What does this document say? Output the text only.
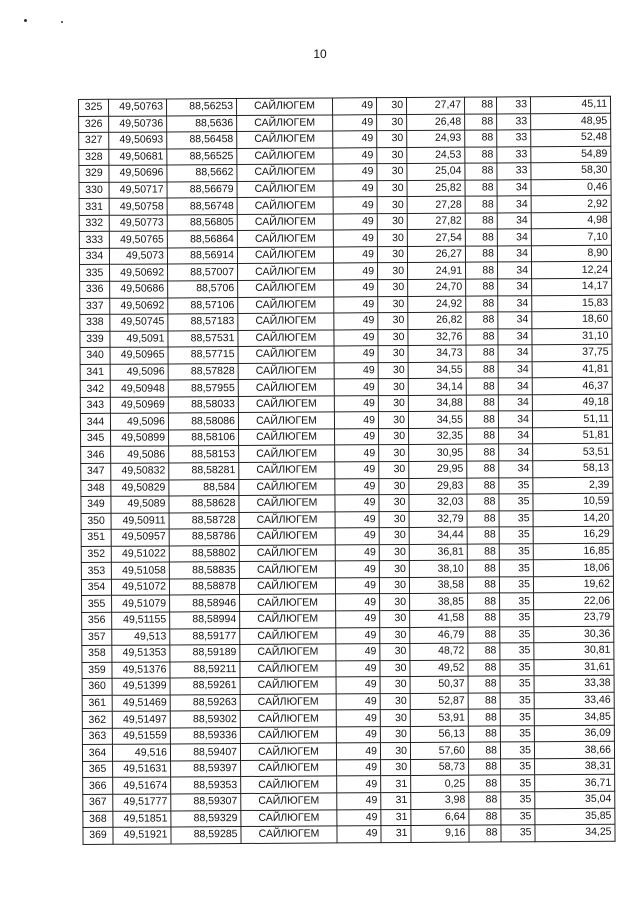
10
325	49,50763	88,56253	САЙЛЮГЕМ	49	30	27,47	88	33	45,11
326	49,50736	88,5636	САЙЛЮГЕМ	49	30	26,48	88	33	48,95
327	49,50693	88,56458	САЙЛЮГЕМ	49	30	24,93	88	33	52,48
328	49,50681	88,56525	САЙЛЮГЕМ	49	30	24,53	88	33	54,89
329	49,50696	88,5662	САЙЛЮГЕМ	49	30	25,04	88	33	58,30
330	49,50717	88,56679	САЙЛЮГЕМ	49	30	25,82	88	34	0,46
331	49,50758	88,56748	САЙЛЮГЕМ	49	30	27,28	88	34	2,92
332	49,50773	88,56805	САЙЛЮГЕМ	49	30	27,82	88	34	4,98
333	49,50765	88,56864	САЙЛЮГЕМ	49	30	27,54	88	34	7,10
334	49,5073	88,56914	САЙЛЮГЕМ	49	30	26,27	88	34	8,90
335	49,50692	88,57007	САЙЛЮГЕМ	49	30	24,91	88	34	12,24
336	49,50686	88,5706	САЙЛЮГЕМ	49	30	24,70	88	34	14,17
337	49,50692	88,57106	САЙЛЮГЕМ	49	30	24,92	88	34	15,83
338	49,50745	88,57183	САЙЛЮГЕМ	49	30	26,82	88	34	18,60
339	49,5091	88,57531	САЙЛЮГЕМ	49	30	32,76	88	34	31,10
340	49,50965	88,57715	САЙЛЮГЕМ	49	30	34,73	88	34	37,75
341	49,5096	88,57828	САЙЛЮГЕМ	49	30	34,55	88	34	41,81
342	49,50948	88,57955	САЙЛЮГЕМ	49	30	34,14	88	34	46,37
343	49,50969	88,58033	САЙЛЮГЕМ	49	30	34,88	88	34	49,18
344	49,5096	88,58086	САЙЛЮГЕМ	49	30	34,55	88	34	51,11
345	49,50899	88,58106	САЙЛЮГЕМ	49	30	32,35	88	34	51,81
346	49,5086	88,58153	САЙЛЮГЕМ	49	30	30,95	88	34	53,51
347	49,50832	88,58281	САЙЛЮГЕМ	49	30	29,95	88	34	58,13
348	49,50829	88,584	САЙЛЮГЕМ	49	30	29,83	88	35	2,39
349	49,5089	88,58628	САЙЛЮГЕМ	49	30	32,03	88	35	10,59
350	49,50911	88,58728	САЙЛЮГЕМ	49	30	32,79	88	35	14,20
351	49,50957	88,58786	САЙЛЮГЕМ	49	30	34,44	88	35	16,29
352	49,51022	88,58802	САЙЛЮГЕМ	49	30	36,81	88	35	16,85
353	49,51058	88,58835	САЙЛЮГЕМ	49	30	38,10	88	35	18,06
354	49,51072	88,58878	САЙЛЮГЕМ	49	30	38,58	88	35	19,62
355	49,51079	88,58946	САЙЛЮГЕМ	49	30	38,85	88	35	22,06
356	49,51155	88,58994	САЙЛЮГЕМ	49	30	41,58	88	35	23,79
357	49,513	88,59177	САЙЛЮГЕМ	49	30	46,79	88	35	30,36
358	49,51353	88,59189	САЙЛЮГЕМ	49	30	48,72	88	35	30,81
359	49,51376	88,59211	САЙЛЮГЕМ	49	30	49,52	88	35	31,61
360	49,51399	88,59261	САЙЛЮГЕМ	49	30	50,37	88	35	33,38
361	49,51469	88,59263	САЙЛЮГЕМ	49	30	52,87	88	35	33,46
362	49,51497	88,59302	САЙЛЮГЕМ	49	30	53,91	88	35	34,85
363	49,51559	88,59336	САЙЛЮГЕМ	49	30	56,13	88	35	36,09
364	49,516	88,59407	САЙЛЮГЕМ	49	30	57,60	88	35	38,66
365	49,51631	88,59397	САЙЛЮГЕМ	49	30	58,73	88	35	38,31
366	49,51674	88,59353	САЙЛЮГЕМ	49	31	0,25	88	35	36,71
367	49,51777	88,59307	САЙЛЮГЕМ	49	31	3,98	88	35	35,04
368	49,51851	88,59329	САЙЛЮГЕМ	49	31	6,64	88	35	35,85
369	49,51921	88,59285	САЙЛЮГЕМ	49	31	9,16	88	35	34,25
